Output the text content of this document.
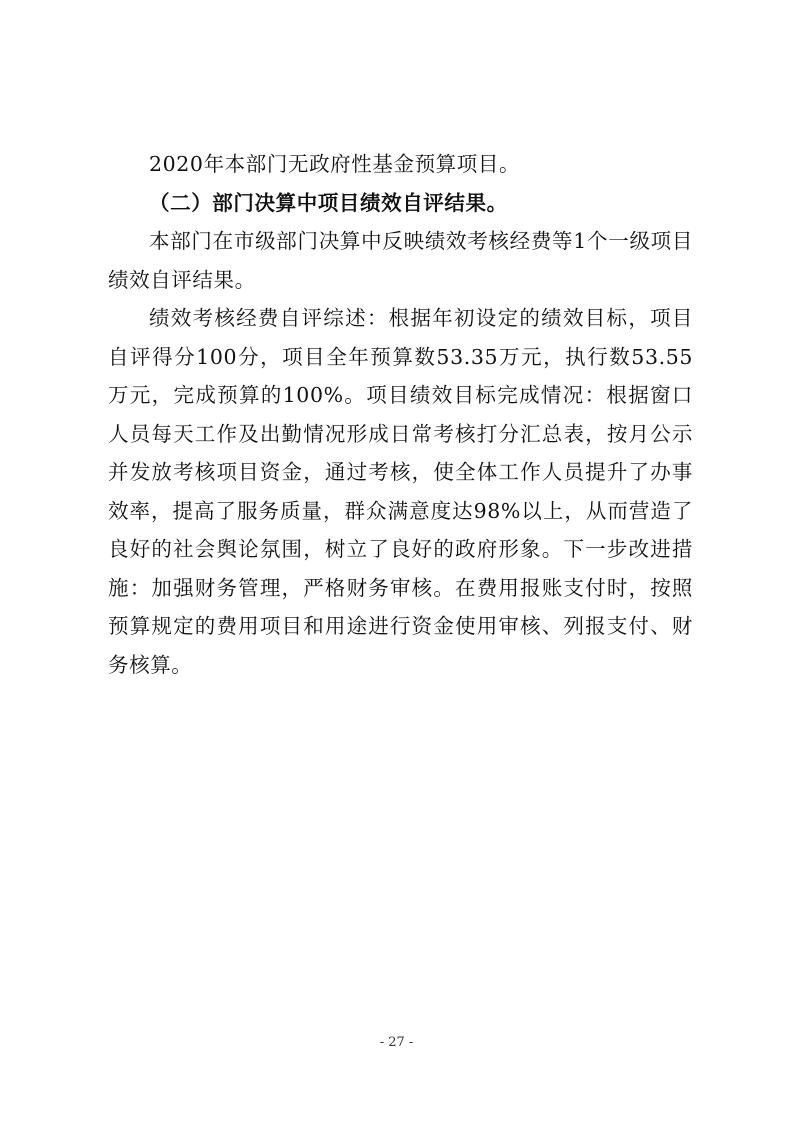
2020年本部门无政府性基金预算项目。

（二）部门决算中项目绩效自评结果。

本部门在市级部门决算中反映绩效考核经费等1个一级项目绩效自评结果。

绩效考核经费自评综述：根据年初设定的绩效目标，项目自评得分100分，项目全年预算数53.35万元，执行数53.55万元，完成预算的100%。项目绩效目标完成情况：根据窗口人员每天工作及出勤情况形成日常考核打分汇总表，按月公示并发放考核项目资金，通过考核，使全体工作人员提升了办事效率，提高了服务质量，群众满意度达98%以上，从而营造了良好的社会舆论氛围，树立了良好的政府形象。下一步改进措施：加强财务管理，严格财务审核。在费用报账支付时，按照预算规定的费用项目和用途进行资金使用审核、列报支付、财务核算。

- 27 -
